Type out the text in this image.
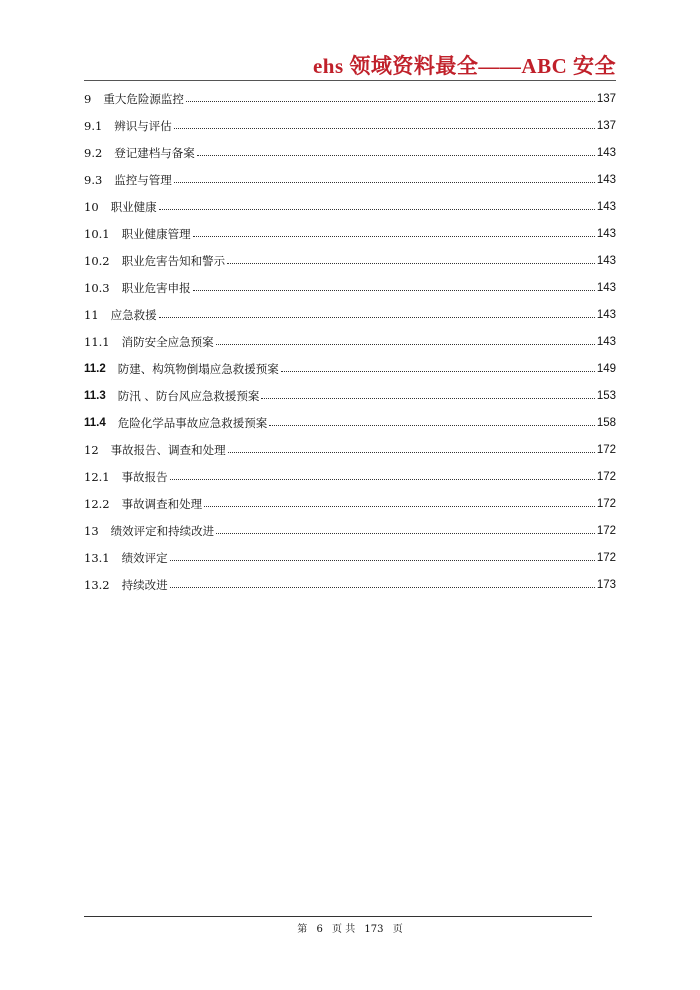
ehs 领域资料最全——ABC 安全
9 重大危险源监控	137
9.1 辨识与评估	137
9.2 登记建档与备案	143
9.3 监控与管理	143
10 职业健康	143
10.1 职业健康管理	143
10.2 职业危害告知和警示	143
10.3 职业危害申报	143
11 应急救援	143
11.1 消防安全应急预案	143
11.2 防建、构筑物倒塌应急救援预案	149
11.3 防汛 、防台风应急救援预案	153
11.4 危险化学品事故应急救援预案	158
12 事故报告、调查和处理	172
12.1 事故报告	172
12.2 事故调查和处理	172
13 绩效评定和持续改进	172
13.1 绩效评定	172
13.2 持续改进	173
第 6 页 共 173 页
